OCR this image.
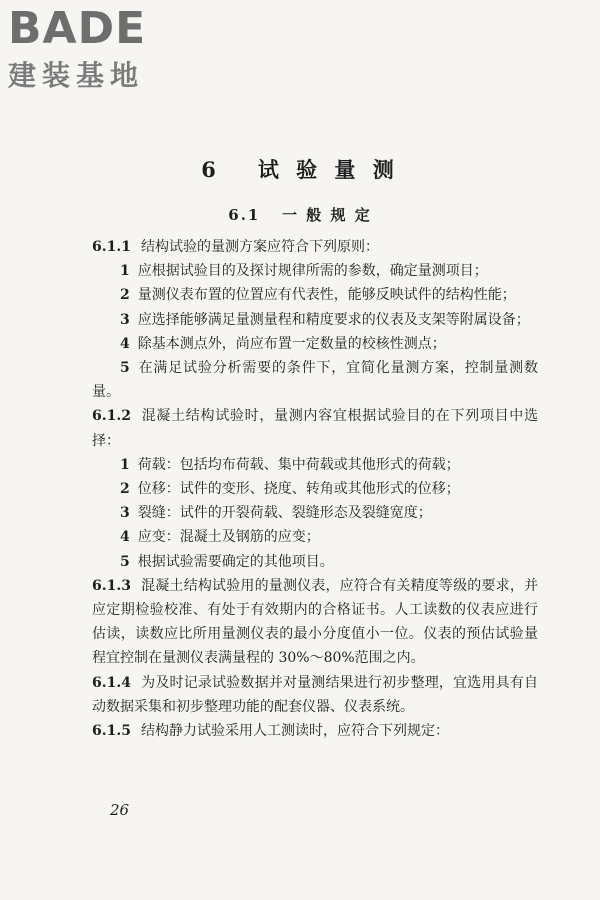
BADE
建装基地
6 试 验 量 测
6.1 一 般 规 定
6.1.1 结构试验的量测方案应符合下列原则：
1 应根据试验目的及探讨规律所需的参数，确定量测项目；
2 量测仪表布置的位置应有代表性，能够反映试件的结构性能；
3 应选择能够满足量测量程和精度要求的仪表及支架等附属设备；
4 除基本测点外，尚应布置一定数量的校核性测点；
5 在满足试验分析需要的条件下，宜简化量测方案，控制量测数量。
6.1.2 混凝土结构试验时，量测内容宜根据试验目的在下列项目中选择：
1 荷载：包括均布荷载、集中荷载或其他形式的荷载；
2 位移：试件的变形、挠度、转角或其他形式的位移；
3 裂缝：试件的开裂荷载、裂缝形态及裂缝宽度；
4 应变：混凝土及钢筋的应变；
5 根据试验需要确定的其他项目。
6.1.3 混凝土结构试验用的量测仪表，应符合有关精度等级的要求，并应定期检验校准、有处于有效期内的合格证书。人工读数的仪表应进行估读，读数应比所用量测仪表的最小分度值小一位。仪表的预估试验量程宜控制在量测仪表满量程的 30%～80%范围之内。
6.1.4 为及时记录试验数据并对量测结果进行初步整理，宜选用具有自动数据采集和初步整理功能的配套仪器、仪表系统。
6.1.5 结构静力试验采用人工测读时，应符合下列规定：
26
